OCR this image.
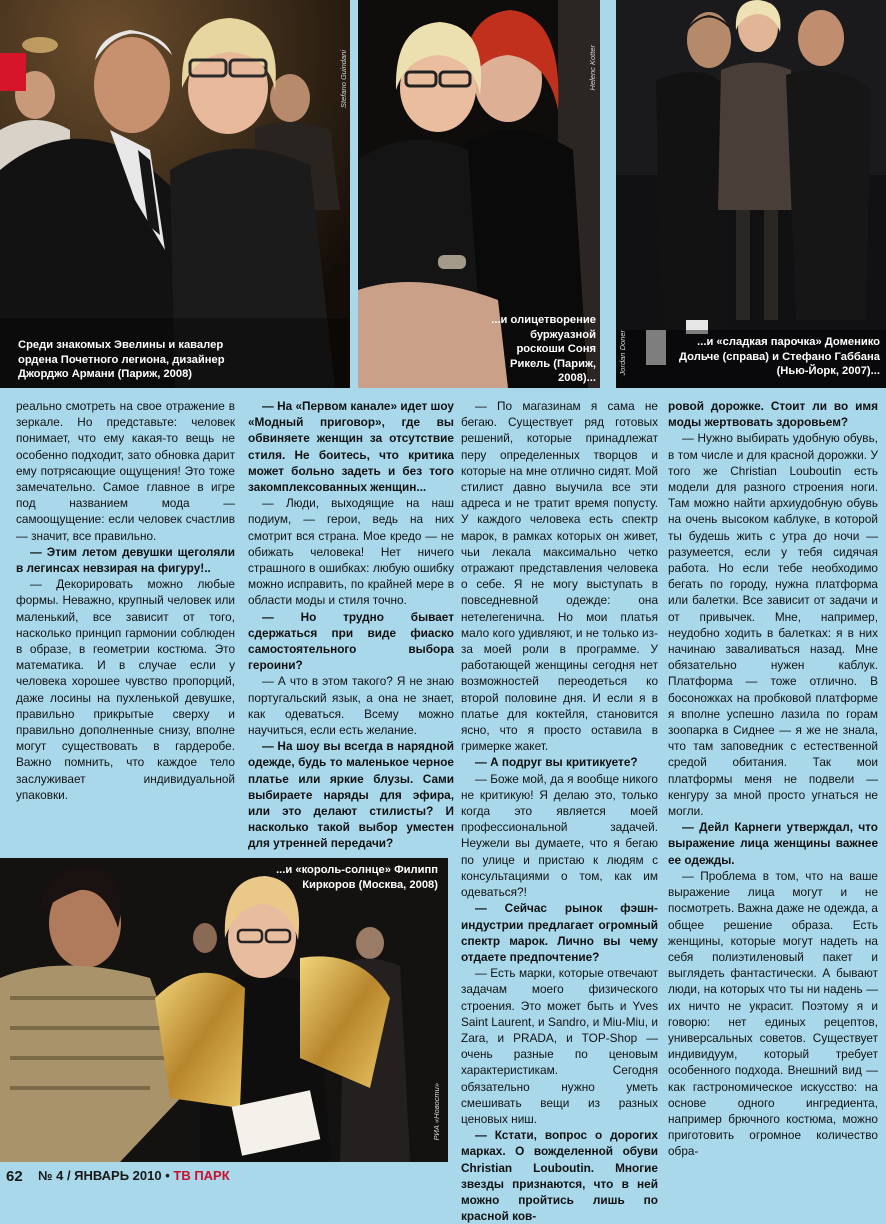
Stefano Guindani
Среди знакомых Эвелины и кавалер ордена Почетного легиона, дизайнер Джорджо Армани (Париж, 2008)
Helenc Kotter
...и олицетворение буржуазной роскоши Соня Рикель (Париж, 2008)...
Jordan Doner	...и «сладкая парочка» Доменико Дольче (справа) и Стефано Габбана (Нью-Йорк, 2007)...

реально смотреть на свое отражение в зеркале. Но представьте: человек понимает, что ему какая-то вещь не особенно подходит, зато обновка дарит ему потрясающие ощущения! Это тоже замечательно. Самое главное в игре под названием мода — самоощущение: если человек счастлив — значит, все правильно.

— Этим летом девушки щеголяли в легинсах невзирая на фигуру!..

— Декорировать можно любые формы. Неважно, крупный человек или маленький, все зависит от того, насколько принцип гармонии соблюден в образе, в геометрии костюма. Это математика. И в случае если у человека хорошее чувство пропорций, даже лосины на пухленькой девушке, правильно прикрытые сверху и правильно дополненные снизу, вполне могут существовать в гардеробе. Важно помнить, что каждое тело заслуживает индивидуальной упаковки.

— На «Первом канале» идет шоу «Модный приговор», где вы обвиняете женщин за отсутствие стиля. Не боитесь, что критика может больно задеть и без того закомплексованных женщин...

— Люди, выходящие на наш подиум, — герои, ведь на них смотрит вся страна. Мое кредо — не обижать человека! Нет ничего страшного в ошибках: любую ошибку можно исправить, по крайней мере в области моды и стиля точно.

— Но трудно бывает сдержаться при виде фиаско самостоятельного выбора героини?

— А что в этом такого? Я не знаю португальский язык, а она не знает, как одеваться. Всему можно научиться, если есть желание.

— На шоу вы всегда в нарядной одежде, будь то маленькое черное платье или яркие блузы. Сами выбираете наряды для эфира, или это делают стилисты? И насколько такой выбор уместен для утренней передачи?

— По магазинам я сама не бегаю. Существует ряд готовых решений, которые принадлежат перу определенных творцов и которые на мне отлично сидят. Мой стилист давно выучила все эти адреса и не тратит время попусту. У каждого человека есть спектр марок, в рамках которых он живет, чьи лекала максимально четко отражают представления человека о себе. Я не могу выступать в повседневной одежде: она нетелегенична. Но мои платья мало кого удивляют, и не только из-за моей роли в программе. У работающей женщины сегодня нет возможностей переодеться ко второй половине дня. И если я в платье для коктейля, становится ясно, что я просто оставила в гримерке жакет.

— А подруг вы критикуете?

— Боже мой, да я вообще никого не критикую! Я делаю это, только когда это является моей профессиональной задачей. Неужели вы думаете, что я бегаю по улице и пристаю к людям с консультациями о том, как им одеваться?!

— Сейчас рынок фэшн-индустрии предлагает огромный спектр марок. Лично вы чему отдаете предпочтение?

— Есть марки, которые отвечают задачам моего физического строения. Это может быть и Yves Saint Laurent, и Sandro, и Miu-Miu, и Zara, и PRADA, и TOP-Shop — очень разные по ценовым характеристикам. Сегодня обязательно нужно уметь смешивать вещи из разных ценовых ниш.

— Кстати, вопрос о дорогих марках. О вожделенной обуви Christian Louboutin. Многие звезды признаются, что в ней можно пройтись лишь по красной ков-

ровой дорожке. Стоит ли во имя моды жертвовать здоровьем?

— Нужно выбирать удобную обувь, в том числе и для красной дорожки. У того же Christian Louboutin есть модели для разного строения ноги. Там можно найти архиудобную обувь на очень высоком каблуке, в которой ты будешь жить с утра до ночи — разумеется, если у тебя сидячая работа. Но если тебе необходимо бегать по городу, нужна платформа или балетки. Все зависит от задачи и от привычек. Мне, например, неудобно ходить в балетках: я в них начинаю заваливаться назад. Мне обязательно нужен каблук. Платформа — тоже отлично. В босоножках на пробковой платформе я вполне успешно лазила по горам зоопарка в Сиднее — я же не знала, что там заповедник с естественной средой обитания. Так мои платформы меня не подвели — кенгуру за мной просто угнаться не могли.

— Дейл Карнеги утверждал, что выражение лица женщины важнее ее одежды.

— Проблема в том, что на ваше выражение лица могут и не посмотреть. Важна даже не одежда, а общее решение образа. Есть женщины, которые могут надеть на себя полиэтиленовый пакет и выглядеть фантастически. А бывают люди, на которых что ты ни надень — их ничто не украсит. Поэтому я и говорю: нет единых рецептов, универсальных советов. Существует индивидуум, который требует особенного подхода. Внешний вид — как гастрономическое искусство: на основе одного ингредиента, например брючного костюма, можно приготовить огромное количество обра-

РИА «Новости»
...и «король-солнце» Филипп Киркоров (Москва, 2008)
62 № 4 / ЯНВАРЬ 2010 • ТВ ПАРК
